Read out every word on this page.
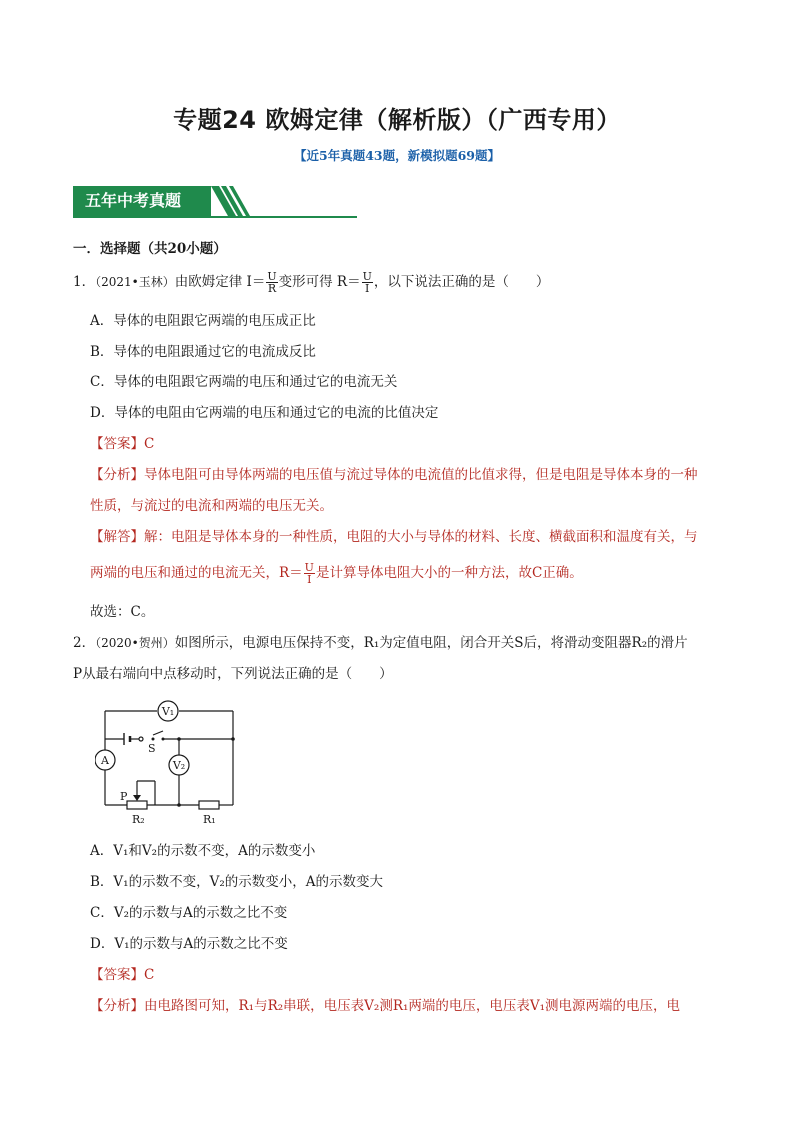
专题24 欧姆定律（解析版）（广西专用）
【近5年真题43题，新模拟题69题】
五年中考真题
一．选择题（共20小题）
1．（2021•玉林）由欧姆定律 $I= \frac{U}{R}$ 变形可得 $R= \frac{U}{I}$ ，以下说法正确的是（　　）
A．导体的电阻跟它两端的电压成正比
B．导体的电阻跟通过它的电流成反比
C．导体的电阻跟它两端的电压和通过它的电流无关
D．导体的电阻由它两端的电压和通过它的电流的比值决定
【答案】C
【分析】导体电阻可由导体两端的电压值与流过导体的电流值的比值求得，但是电阻是导体本身的一种
性质，与流过的电流和两端的电压无关。
【解答】解：电阻是导体本身的一种性质，电阻的大小与导体的材料、长度、横截面积和温度有关，与
两端的电压和通过的电流无关，$R= \frac{U}{I}$ 是计算导体电阻大小的一种方法，故C正确。
故选：C。
2．（2020•贺州）如图所示，电源电压保持不变，R₁为定值电阻，闭合开关S后，将滑动变阻器R₂的滑片
P从最右端向中点移动时，下列说法正确的是（　　）
V₁
V₂
A
S
P
R₂	R₁
A．V₁和V₂的示数不变，A的示数变小
B．V₁的示数不变，V₂的示数变小，A的示数变大
C．V₂的示数与A的示数之比不变
D．V₁的示数与A的示数之比不变
【答案】C
【分析】由电路图可知，R₁与R₂串联，电压表V₂测R₁两端的电压，电压表V₁测电源两端的电压，电
